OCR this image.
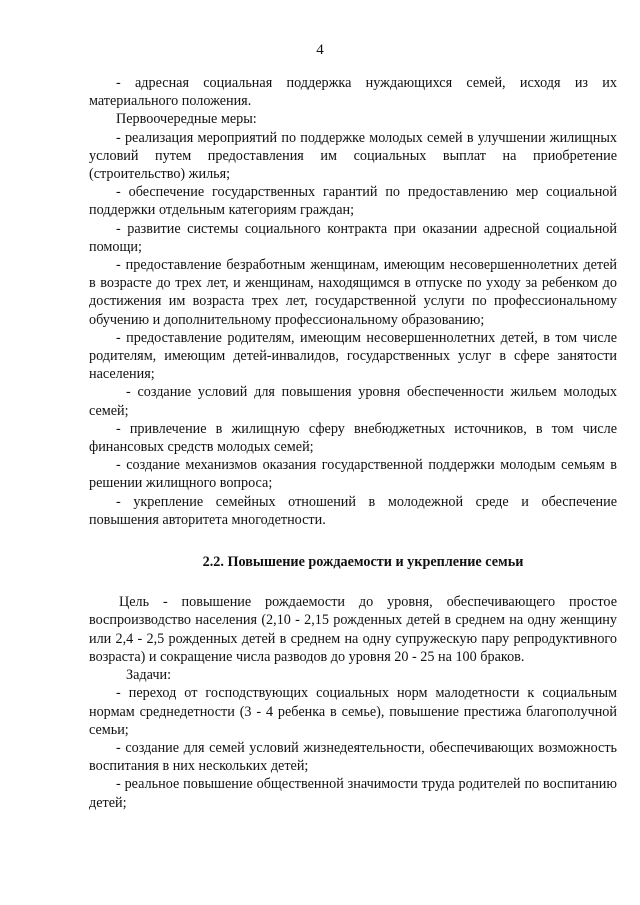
4

- адресная социальная поддержка нуждающихся семей, исходя из их материального положения.

Первоочередные меры:

- реализация мероприятий по поддержке молодых семей в улучшении жилищных условий путем предоставления им социальных выплат на приобретение (строительство) жилья;

- обеспечение государственных гарантий по предоставлению мер социальной поддержки отдельным категориям граждан;

- развитие системы социального контракта при оказании адресной социальной помощи;

- предоставление безработным женщинам, имеющим несовершеннолетних детей в возрасте до трех лет, и женщинам, находящимся в отпуске по уходу за ребенком до достижения им возраста трех лет, государственной услуги по профессиональному обучению и дополнительному профессиональному образованию;

- предоставление родителям, имеющим несовершеннолетних детей, в том числе родителям, имеющим детей-инвалидов, государственных услуг в сфере занятости населения;

- создание условий для повышения уровня обеспеченности жильем молодых семей;

- привлечение в жилищную сферу внебюджетных источников, в том числе финансовых средств молодых семей;

- создание механизмов оказания государственной поддержки молодым семьям в решении жилищного вопроса;

- укрепление семейных отношений в молодежной среде и обеспечение повышения авторитета многодетности.

2.2. Повышение рождаемости и укрепление семьи

Цель - повышение рождаемости до уровня, обеспечивающего простое воспроизводство населения (2,10 - 2,15 рожденных детей в среднем на одну женщину или 2,4 - 2,5 рожденных детей в среднем на одну супружескую пару репродуктивного возраста) и сокращение числа разводов до уровня 20 - 25 на 100 браков.

Задачи:

- переход от господствующих социальных норм малодетности к социальным нормам среднедетности (3 - 4 ребенка в семье), повышение престижа благополучной семьи;

- создание для семей условий жизнедеятельности, обеспечивающих возможность воспитания в них нескольких детей;

- реальное повышение общественной значимости труда родителей по воспитанию детей;
